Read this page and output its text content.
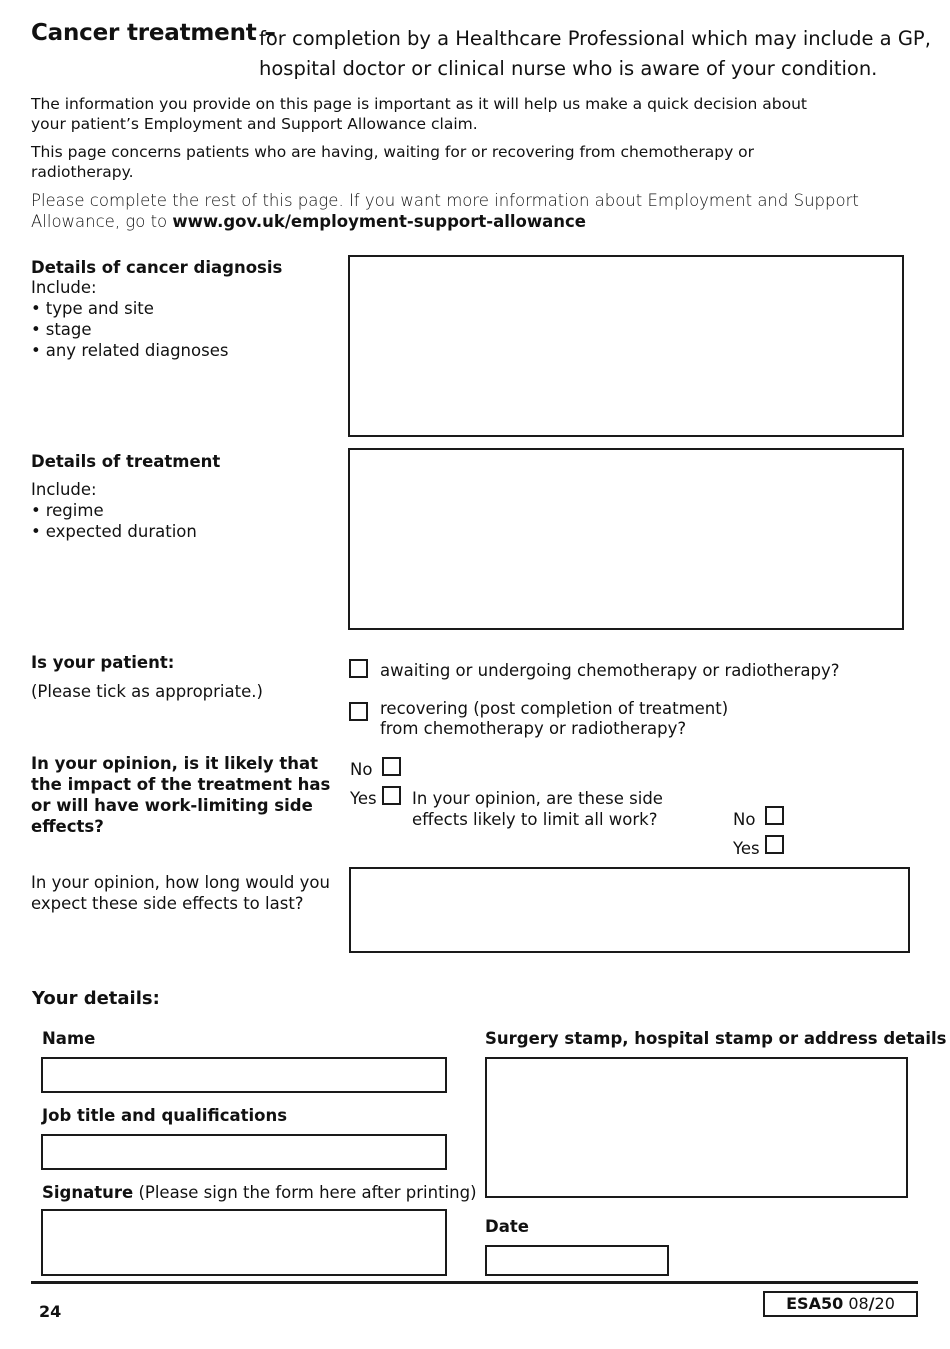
Cancer treatment –
for completion by a Healthcare Professional which may include a GP, hospital doctor or clinical nurse who is aware of your condition.
The information you provide on this page is important as it will help us make a quick decision about your patient’s Employment and Support Allowance claim.
This page concerns patients who are having, waiting for or recovering from chemotherapy or radiotherapy.
Please complete the rest of this page. If you want more information about Employment and Support Allowance, go to www.gov.uk/employment-support-allowance
Details of cancer diagnosis
Include:
• type and site
• stage
• any related diagnoses
Details of treatment
Include:
• regime
• expected duration
Is your patient:
(Please tick as appropriate.)
awaiting or undergoing chemotherapy or radiotherapy?
recovering (post completion of treatment)
from chemotherapy or radiotherapy?
In your opinion, is it likely that the impact of the treatment has or will have work-limiting side effects?
No
Yes In your opinion, are these side effects likely to limit all work?	No
Yes
In your opinion, how long would you expect these side effects to last?
Your details:
Name
Job title and qualifications
Signature (Please sign the form here after printing)
Surgery stamp, hospital stamp or address details
Date
24	ESA50 08/20
